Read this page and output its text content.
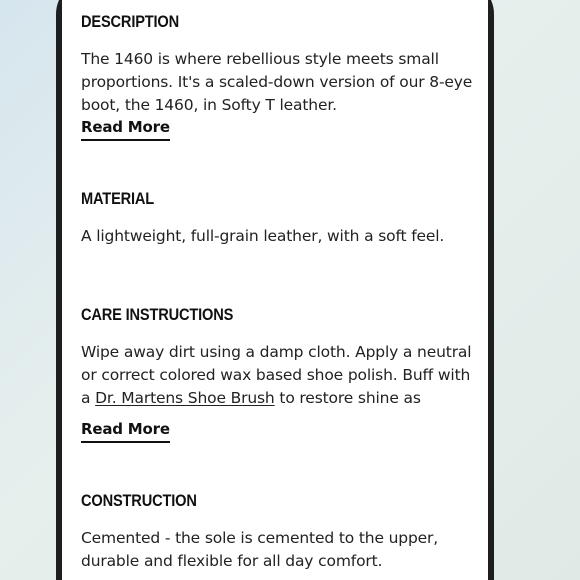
DESCRIPTION
The 1460 is where rebellious style meets small
proportions. It's a scaled-down version of our 8-eye
boot, the 1460, in Softy T leather.
Read More
MATERIAL
A lightweight, full-grain leather, with a soft feel.
CARE INSTRUCTIONS
Wipe away dirt using a damp cloth. Apply a neutral
or correct colored wax based shoe polish. Buff with
a Dr. Martens Shoe Brush to restore shine as
Read More
CONSTRUCTION
Cemented - the sole is cemented to the upper,
durable and flexible for all day comfort.
